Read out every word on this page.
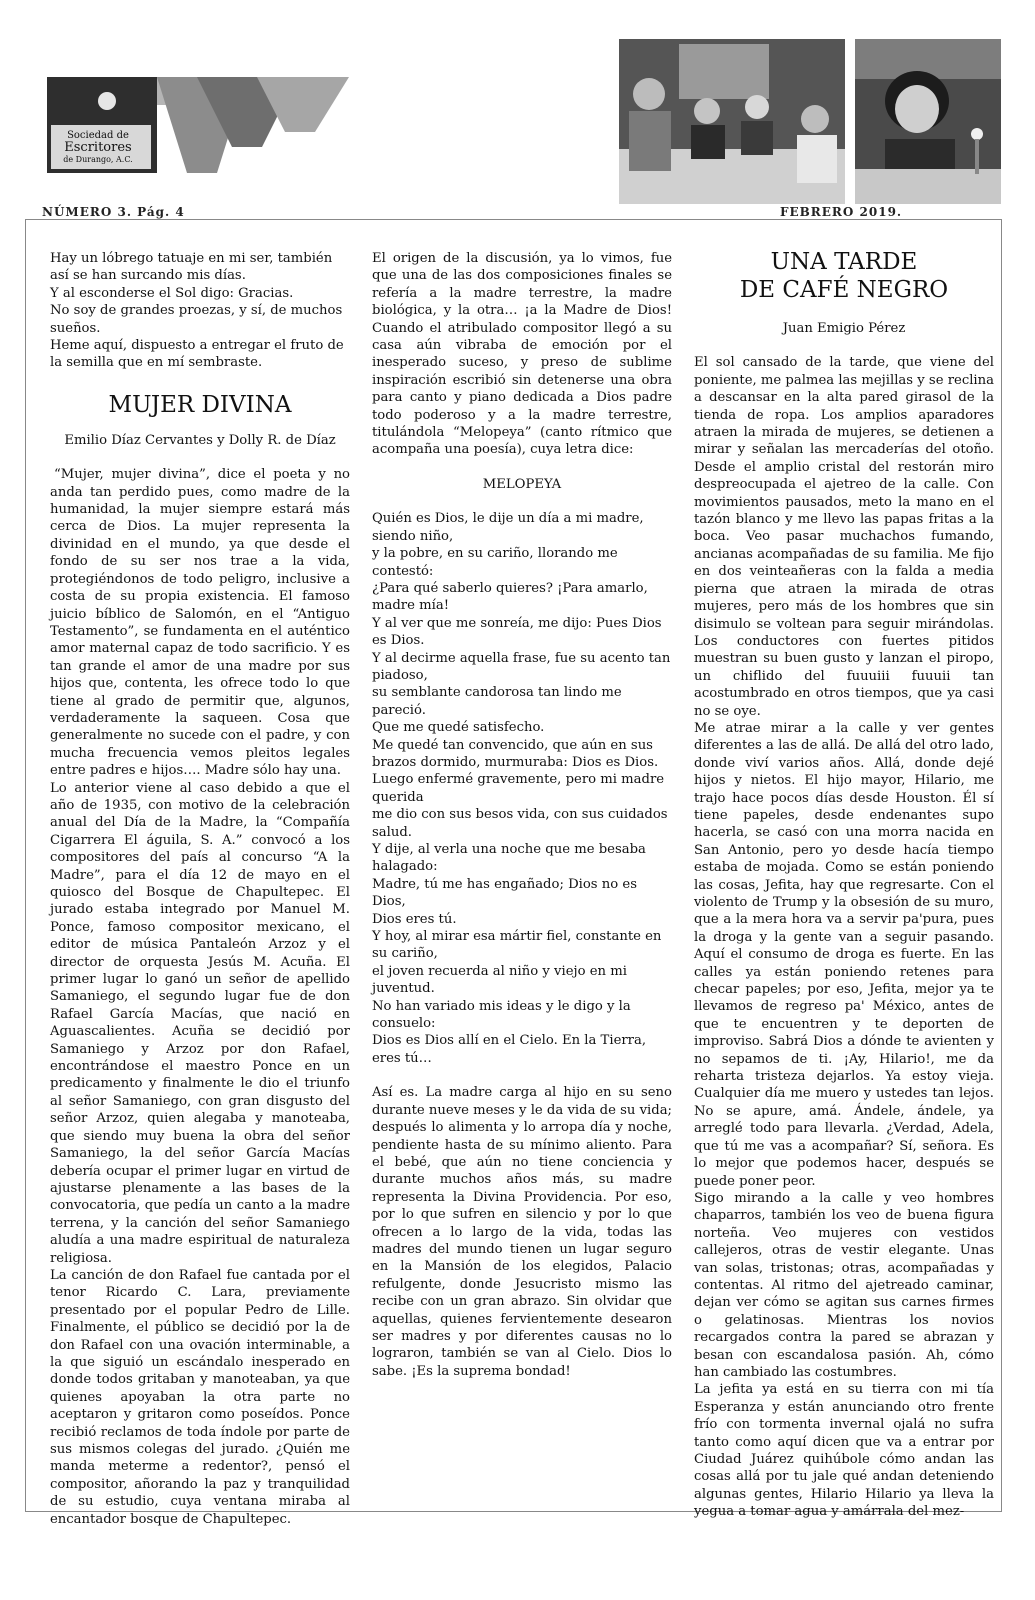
Sociedad de
Escritores
de Durango, A.C.
NÚMERO 3. Pág. 4	FEBRERO 2019.

Hay un lóbrego tatuaje en mi ser, también así se han surcando mis días.

Y al esconderse el Sol digo: Gracias.

No soy de grandes proezas, y sí, de muchos sueños.

Heme aquí, dispuesto a entregar el fruto de la semilla que en mí sembraste.

MUJER DIVINA
Emilio Díaz Cervantes y Dolly R. de Díaz

“Mujer, mujer divina”, dice el poeta y no anda tan perdido pues, como madre de la humanidad, la mujer siempre estará más cerca de Dios. La mujer representa la divinidad en el mundo, ya que desde el fondo de su ser nos trae a la vida, protegiéndonos de todo peligro, inclusive a costa de su propia existencia. El famoso juicio bíblico de Salomón, en el “Antiguo Testamento”, se fundamenta en el auténtico amor maternal capaz de todo sacrificio. Y es tan grande el amor de una madre por sus hijos que, contenta, les ofrece todo lo que tiene al grado de permitir que, algunos, verdaderamente la saqueen. Cosa que generalmente no sucede con el padre, y con mucha frecuencia vemos pleitos legales entre padres e hijos…. Madre sólo hay una.

Lo anterior viene al caso debido a que el año de 1935, con motivo de la celebración anual del Día de la Madre, la “Compañía Cigarrera El águila, S. A.” convocó a los compositores del país al concurso “A la Madre”, para el día 12 de mayo en el quiosco del Bosque de Chapultepec. El jurado estaba integrado por Manuel M. Ponce, famoso compositor mexicano, el editor de música Pantaleón Arzoz y el director de orquesta Jesús M. Acuña. El primer lugar lo ganó un señor de apellido Samaniego, el segundo lugar fue de don Rafael García Macías, que nació en Aguascalientes. Acuña se decidió por Samaniego y Arzoz por don Rafael, encontrándose el maestro Ponce en un predicamento y finalmente le dio el triunfo al señor Samaniego, con gran disgusto del señor Arzoz, quien alegaba y manoteaba, que siendo muy buena la obra del señor Samaniego, la del señor García Macías debería ocupar el primer lugar en virtud de ajustarse plenamente a las bases de la convocatoria, que pedía un canto a la madre terrena, y la canción del señor Samaniego aludía a una madre espiritual de naturaleza religiosa.

La canción de don Rafael fue cantada por el tenor Ricardo C. Lara, previamente presentado por el popular Pedro de Lille. Finalmente, el público se decidió por la de don Rafael con una ovación interminable, a la que siguió un escándalo inesperado en donde todos gritaban y manoteaban, ya que quienes apoyaban la otra parte no aceptaron y gritaron como poseídos. Ponce recibió reclamos de toda índole por parte de sus mismos colegas del jurado. ¿Quién me manda meterme a redentor?, pensó el compositor, añorando la paz y tranquilidad de su estudio, cuya ventana miraba al encantador bosque de Chapultepec.

El origen de la discusión, ya lo vimos, fue que una de las dos composiciones finales se refería a la madre terrestre, la madre biológica, y la otra… ¡a la Madre de Dios! Cuando el atribulado compositor llegó a su casa aún vibraba de emoción por el inesperado suceso, y preso de sublime inspiración escribió sin detenerse una obra para canto y piano dedicada a Dios padre todo poderoso y a la madre terrestre, titulándola “Melopeya” (canto rítmico que acompaña una poesía), cuya letra dice:

MELOPEYA

Quién es Dios, le dije un día a mi madre, siendo niño,

y la pobre, en su cariño, llorando me contestó:

¿Para qué saberlo quieres? ¡Para amarlo, madre mía!

Y al ver que me sonreía, me dijo: Pues Dios es Dios.

Y al decirme aquella frase, fue su acento tan piadoso,

su semblante candorosa tan lindo me pareció.

Que me quedé satisfecho.

Me quedé tan convencido, que aún en sus brazos dormido, murmuraba: Dios es Dios.

Luego enfermé gravemente, pero mi madre querida

me dio con sus besos vida, con sus cuidados salud.

Y dije, al verla una noche que me besaba halagado:

Madre, tú me has engañado; Dios no es Dios,

Dios eres tú.

Y hoy, al mirar esa mártir fiel, constante en su cariño,

el joven recuerda al niño y viejo en mi juventud.

No han variado mis ideas y le digo y la consuelo:

Dios es Dios allí en el Cielo. En la Tierra, eres tú…

Así es. La madre carga al hijo en su seno durante nueve meses y le da vida de su vida; después lo alimenta y lo arropa día y noche, pendiente hasta de su mínimo aliento. Para el bebé, que aún no tiene conciencia y durante muchos años más, su madre representa la Divina Providencia. Por eso, por lo que sufren en silencio y por lo que ofrecen a lo largo de la vida, todas las madres del mundo tienen un lugar seguro en la Mansión de los elegidos, Palacio refulgente, donde Jesucristo mismo las recibe con un gran abrazo. Sin olvidar que aquellas, quienes fervientemente desearon ser madres y por diferentes causas no lo lograron, también se van al Cielo. Dios lo sabe. ¡Es la suprema bondad!

UNA TARDE
DE CAFÉ NEGRO
Juan Emigio Pérez

El sol cansado de la tarde, que viene del poniente, me palmea las mejillas y se reclina a descansar en la alta pared girasol de la tienda de ropa. Los amplios aparadores atraen la mirada de mujeres, se detienen a mirar y señalan las mercaderías del otoño. Desde el amplio cristal del restorán miro despreocupada el ajetreo de la calle. Con movimientos pausados, meto la mano en el tazón blanco y me llevo las papas fritas a la boca. Veo pasar muchachos fumando, ancianas acompañadas de su familia. Me fijo en dos veinteañeras con la falda a media pierna que atraen la mirada de otras mujeres, pero más de los hombres que sin disimulo se voltean para seguir mirándolas. Los conductores con fuertes pitidos muestran su buen gusto y lanzan el piropo, un chiflido del fuuuiii fuuuii tan acostumbrado en otros tiempos, que ya casi no se oye.

Me atrae mirar a la calle y ver gentes diferentes a las de allá. De allá del otro lado, donde viví varios años. Allá, donde dejé hijos y nietos. El hijo mayor, Hilario, me trajo hace pocos días desde Houston. Él sí tiene papeles, desde endenantes supo hacerla, se casó con una morra nacida en San Antonio, pero yo desde hacía tiempo estaba de mojada. Como se están poniendo las cosas, Jefita, hay que regresarte. Con el violento de Trump y la obsesión de su muro, que a la mera hora va a servir pa'pura, pues la droga y la gente van a seguir pasando. Aquí el consumo de droga es fuerte. En las calles ya están poniendo retenes para checar papeles; por eso, Jefita, mejor ya te llevamos de regreso pa' México, antes de que te encuentren y te deporten de improviso. Sabrá Dios a dónde te avienten y no sepamos de ti. ¡Ay, Hilario!, me da reharta tristeza dejarlos. Ya estoy vieja. Cualquier día me muero y ustedes tan lejos. No se apure, amá. Ándele, ándele, ya arreglé todo para llevarla. ¿Verdad, Adela, que tú me vas a acompañar? Sí, señora. Es lo mejor que podemos hacer, después se puede poner peor.

Sigo mirando a la calle y veo hombres chaparros, también los veo de buena figura norteña. Veo mujeres con vestidos callejeros, otras de vestir elegante. Unas van solas, tristonas; otras, acompañadas y contentas. Al ritmo del ajetreado caminar, dejan ver cómo se agitan sus carnes firmes o gelatinosas. Mientras los novios recargados contra la pared se abrazan y besan con escandalosa pasión. Ah, cómo han cambiado las costumbres.

La jefita ya está en su tierra con mi tía Esperanza y están anunciando otro frente frío con tormenta invernal ojalá no sufra tanto como aquí dicen que va a entrar por Ciudad Juárez quihúbole cómo andan las cosas allá por tu jale qué andan deteniendo algunas gentes, Hilario Hilario ya lleva la yegua a tomar agua y amárrala del mez-
